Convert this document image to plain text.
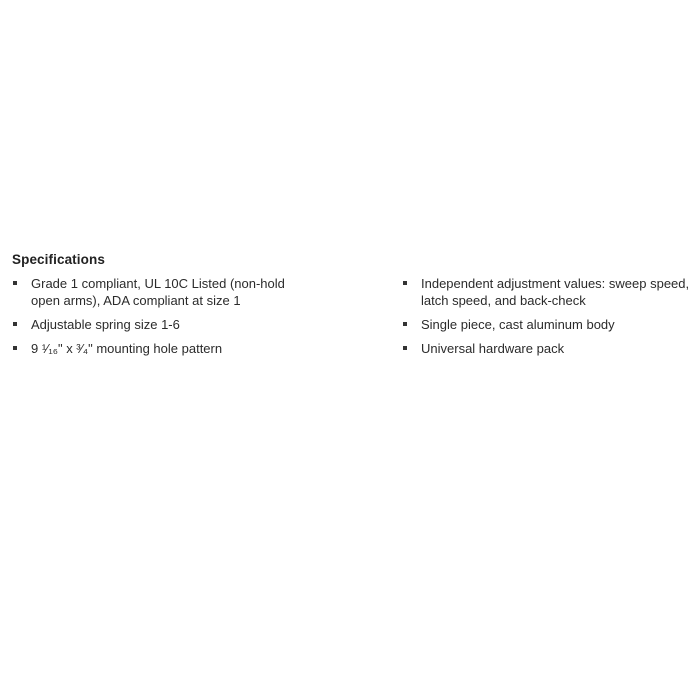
Specifications
Grade 1 compliant, UL 10C Listed (non-hold open arms), ADA compliant at size 1
Adjustable spring size 1-6
9 ¹⁄₁₆" x ³⁄₄" mounting hole pattern
Independent adjustment values: sweep speed, latch speed, and back-check
Single piece, cast aluminum body
Universal hardware pack
